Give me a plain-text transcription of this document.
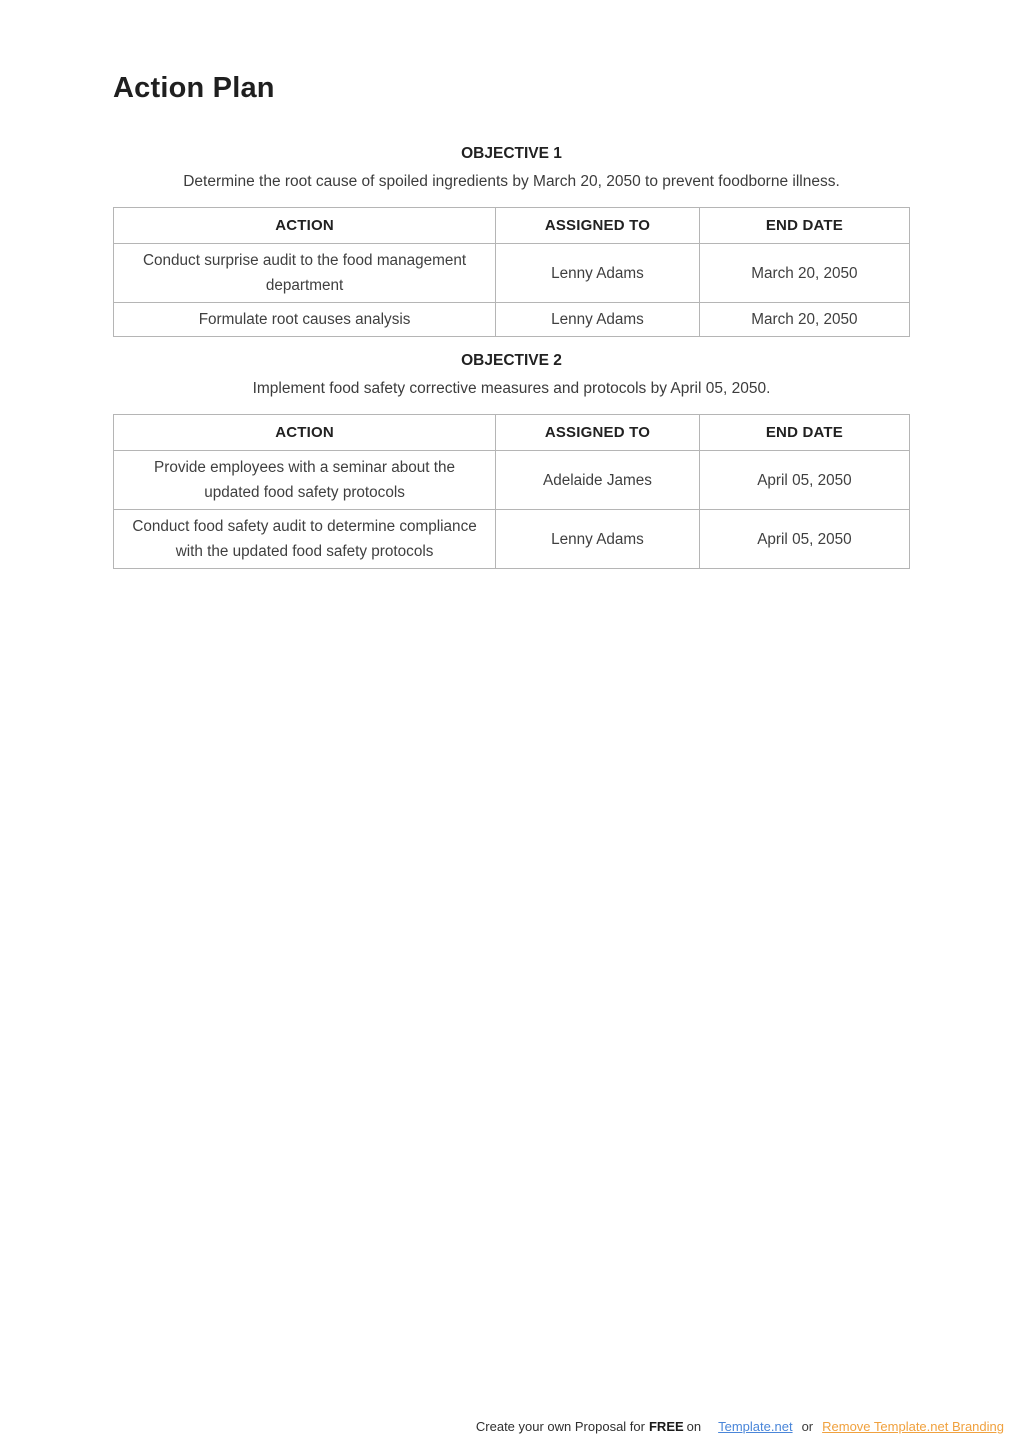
Action Plan
OBJECTIVE 1
Determine the root cause of spoiled ingredients by March 20, 2050 to prevent foodborne illness.
ACTION	ASSIGNED TO	END DATE
Conduct surprise audit to the food management department	Lenny Adams	March 20, 2050
Formulate root causes analysis	Lenny Adams	March 20, 2050
OBJECTIVE 2
Implement food safety corrective measures and protocols by April 05, 2050.
ACTION	ASSIGNED TO	END DATE
Provide employees with a seminar about the updated food safety protocols	Adelaide James	April 05, 2050
Conduct food safety audit to determine compliance with the updated food safety protocols	Lenny Adams	April 05, 2050
Create your own Proposal for FREE on Template.net or Remove Template.net Branding
